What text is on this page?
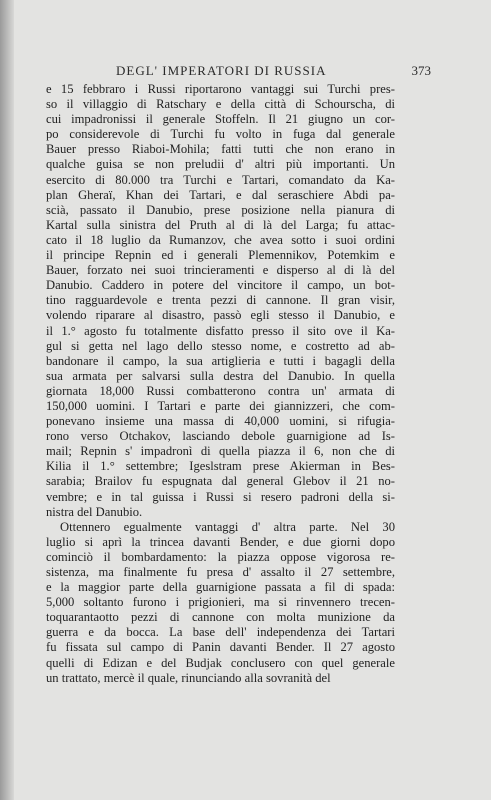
DEGL' IMPERATORI DI RUSSIA	373
e 15 febbraro i Russi riportarono vantaggi sui Turchi pres-
so il villaggio di Ratschary e della città di Schourscha, di
cui impadronissi il generale Stoffeln. Il 21 giugno un cor-
po considerevole di Turchi fu volto in fuga dal generale
Bauer presso Riaboi-Mohila; fatti tutti che non erano in
qualche guisa se non preludii d' altri più importanti. Un
esercito di 80.000 tra Turchi e Tartari, comandato da Ka-
plan Gheraï, Khan dei Tartari, e dal seraschiere Abdi pa-
scià, passato il Danubio, prese posizione nella pianura di
Kartal sulla sinistra del Pruth al di là del Larga; fu attac-
cato il 18 luglio da Rumanzov, che avea sotto i suoi ordini
il principe Repnin ed i generali Plemennikov, Potemkim e
Bauer, forzato nei suoi trincieramenti e disperso al di là del
Danubio. Caddero in potere del vincitore il campo, un bot-
tino ragguardevole e trenta pezzi di cannone. Il gran visir,
volendo riparare al disastro, passò egli stesso il Danubio, e
il 1.° agosto fu totalmente disfatto presso il sito ove il Ka-
gul si getta nel lago dello stesso nome, e costretto ad ab-
bandonare il campo, la sua artiglieria e tutti i bagagli della
sua armata per salvarsi sulla destra del Danubio. In quella
giornata 18,000 Russi combatterono contra un' armata di
150,000 uomini. I Tartari e parte dei giannizzeri, che com-
ponevano insieme una massa di 40,000 uomini, si rifugia-
rono verso Otchakov, lasciando debole guarnigione ad Is-
mail; Repnin s' impadronì di quella piazza il 6, non che di
Kilia il 1.° settembre; Igeslstram prese Akierman in Bes-
sarabia; Brailov fu espugnata dal general Glebov il 21 no-
vembre; e in tal guissa i Russi si resero padroni della si-
nistra del Danubio.
Ottennero egualmente vantaggi d' altra parte. Nel 30
luglio si aprì la trincea davanti Bender, e due giorni dopo
cominciò il bombardamento: la piazza oppose vigorosa re-
sistenza, ma finalmente fu presa d' assalto il 27 settembre,
e la maggior parte della guarnigione passata a fil di spada:
5,000 soltanto furono i prigionieri, ma si rinvennero trecen-
toquarantaotto pezzi di cannone con molta munizione da
guerra e da bocca. La base dell' independenza dei Tartari
fu fissata sul campo di Panin davanti Bender. Il 27 agosto
quelli di Edizan e del Budjak conclusero con quel generale
un trattato, mercè il quale, rinunciando alla sovranità del
